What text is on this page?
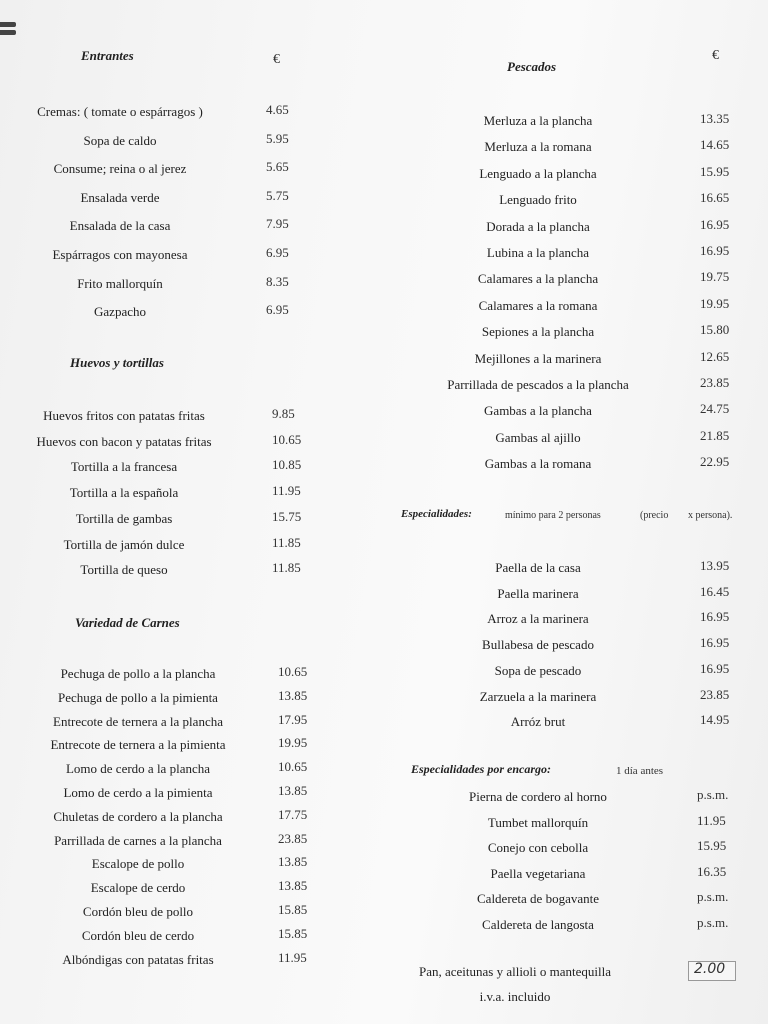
Entrantes	€
Cremas: ( tomate o espárragos )	4.65
Sopa de caldo	5.95
Consume; reina o al jerez	5.65
Ensalada verde	5.75
Ensalada de la casa	7.95
Espárragos con mayonesa	6.95
Frito mallorquín	8.35
Gazpacho	6.95
Huevos y tortillas
Huevos fritos con patatas fritas	9.85
Huevos con bacon y patatas fritas	10.65
Tortilla a la francesa	10.85
Tortilla a la española	11.95
Tortilla de gambas	15.75
Tortilla de jamón dulce	11.85
Tortilla de queso	11.85
Variedad de Carnes
Pechuga de pollo a la plancha	10.65
Pechuga de pollo a la pimienta	13.85
Entrecote de ternera a la plancha	17.95
Entrecote de ternera a la pimienta	19.95
Lomo de cerdo a la plancha	10.65
Lomo de cerdo a la pimienta	13.85
Chuletas de cordero a la plancha	17.75
Parrillada de carnes a la plancha	23.85
Escalope de pollo	13.85
Escalope de cerdo	13.85
Cordón bleu de pollo	15.85
Cordón bleu de cerdo	15.85
Albóndigas con patatas fritas	11.95
Pescados
€
Merluza a la plancha	13.35
Merluza a la romana	14.65
Lenguado a la plancha	15.95
Lenguado frito	16.65
Dorada a la plancha	16.95
Lubina a la plancha	16.95
Calamares a la plancha	19.75
Calamares a la romana	19.95
Sepiones a la plancha	15.80
Mejillones a la marinera	12.65
Parrillada de pescados a la plancha	23.85
Gambas a la plancha	24.75
Gambas al ajillo	21.85
Gambas a la romana	22.95
Especialidades:	mínimo para 2 personas	(precio x persona).
Paella de la casa	13.95
Paella marinera	16.45
Arroz a la marinera	16.95
Bullabesa de pescado	16.95
Sopa de pescado	16.95
Zarzuela a la marinera	23.85
Arróz brut	14.95
Especialidades por encargo:	1 día antes
Pierna de cordero al horno	p.s.m.
Tumbet mallorquín	11.95
Conejo con cebolla	15.95
Paella vegetariana	16.35
Caldereta de bogavante	p.s.m.
Caldereta de langosta	p.s.m.
Pan, aceitunas y allioli o mantequilla	2.00
i.v.a. incluido
